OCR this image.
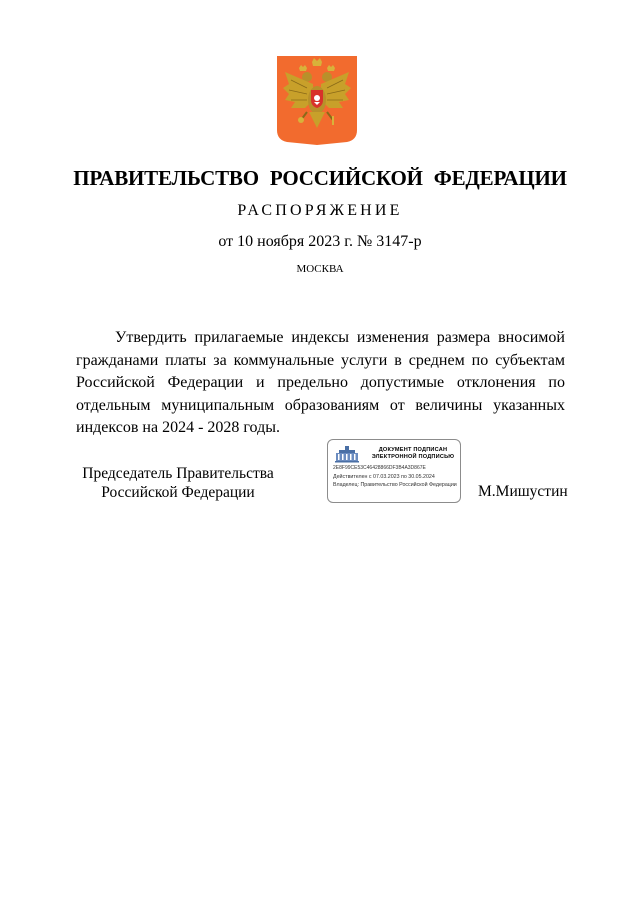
ПРАВИТЕЛЬСТВО РОССИЙСКОЙ ФЕДЕРАЦИИ
РАСПОРЯЖЕНИЕ
от 10 ноября 2023 г. № 3147-р
МОСКВА
Утвердить прилагаемые индексы изменения размера вносимой гражданами платы за коммунальные услуги в среднем по субъектам Российской Федерации и предельно допустимые отклонения по отдельным муниципальным образованиям от величины указанных индексов на 2024 - 2028 годы.
Председатель Правительства
Российской Федерации
ДОКУМЕНТ ПОДПИСАН
ЭЛЕКТРОННОЙ ПОДПИСЬЮ
2E8F99CE53C46428866DF3B4A3D867E
Действителен с 07.03.2023 по 30.05.2024
Владелец: Правительство Российской Федерации М.Мишустин
